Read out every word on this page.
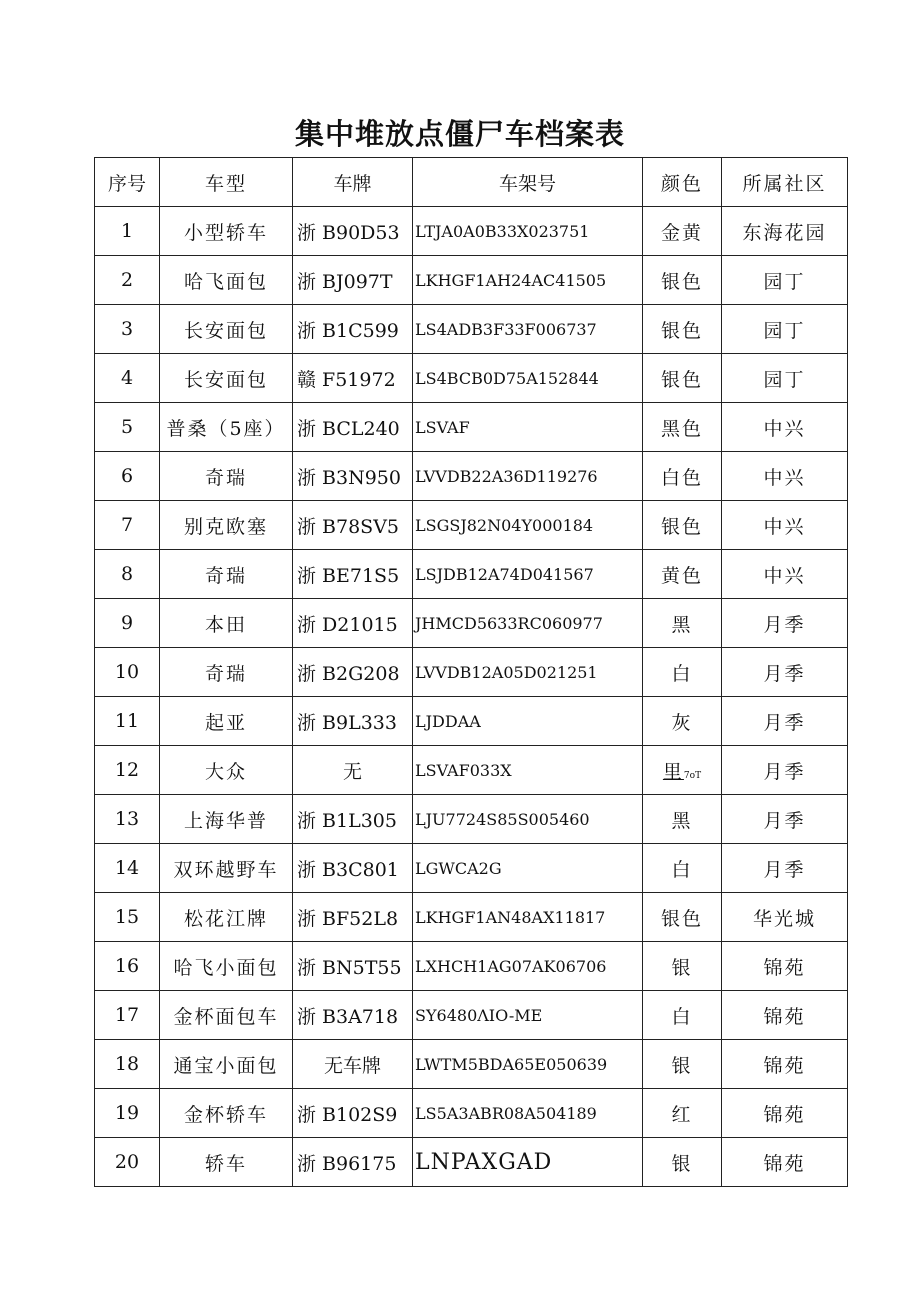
集中堆放点僵尸车档案表
序号	车型	车牌	车架号	颜色	所属社区
1	小型轿车	浙 B90D53	LTJA0A0B33X023751	金黄	东海花园
2	哈飞面包	浙 BJ097T	LKHGF1AH24AC41505	银色	园丁
3	长安面包	浙 B1C599	LS4ADB3F33F006737	银色	园丁
4	长安面包	赣 F51972	LS4BCB0D75A152844	银色	园丁
5	普桑（5座）	浙 BCL240	LSVAF	黑色	中兴
6	奇瑞	浙 B3N950	LVVDB22A36D119276	白色	中兴
7	别克欧塞	浙 B78SV5	LSGSJ82N04Y000184	银色	中兴
8	奇瑞	浙 BE71S5	LSJDB12A74D041567	黄色	中兴
9	本田	浙 D21015	JHMCD5633RC060977	黑	月季
10	奇瑞	浙 B2G208	LVVDB12A05D021251	白	月季
11	起亚	浙 B9L333	LJDDAA	灰	月季
12	大众	无	LSVAF033X	里7oT	月季
13	上海华普	浙 B1L305	LJU7724S85S005460	黑	月季
14	双环越野车	浙 B3C801	LGWCA2G	白	月季
15	松花江牌	浙 BF52L8	LKHGF1AN48AX11817	银色	华光城
16	哈飞小面包	浙 BN5T55	LXHCH1AG07AK06706	银	锦苑
17	金杯面包车	浙 B3A718	SY6480ΛIO-ME	白	锦苑
18	通宝小面包	无车牌	LWTM5BDA65E050639	银	锦苑
19	金杯轿车	浙 B102S9	LS5A3ABR08A504189	红	锦苑
20	轿车	浙 B96175	LNPAXGAD	银	锦苑
